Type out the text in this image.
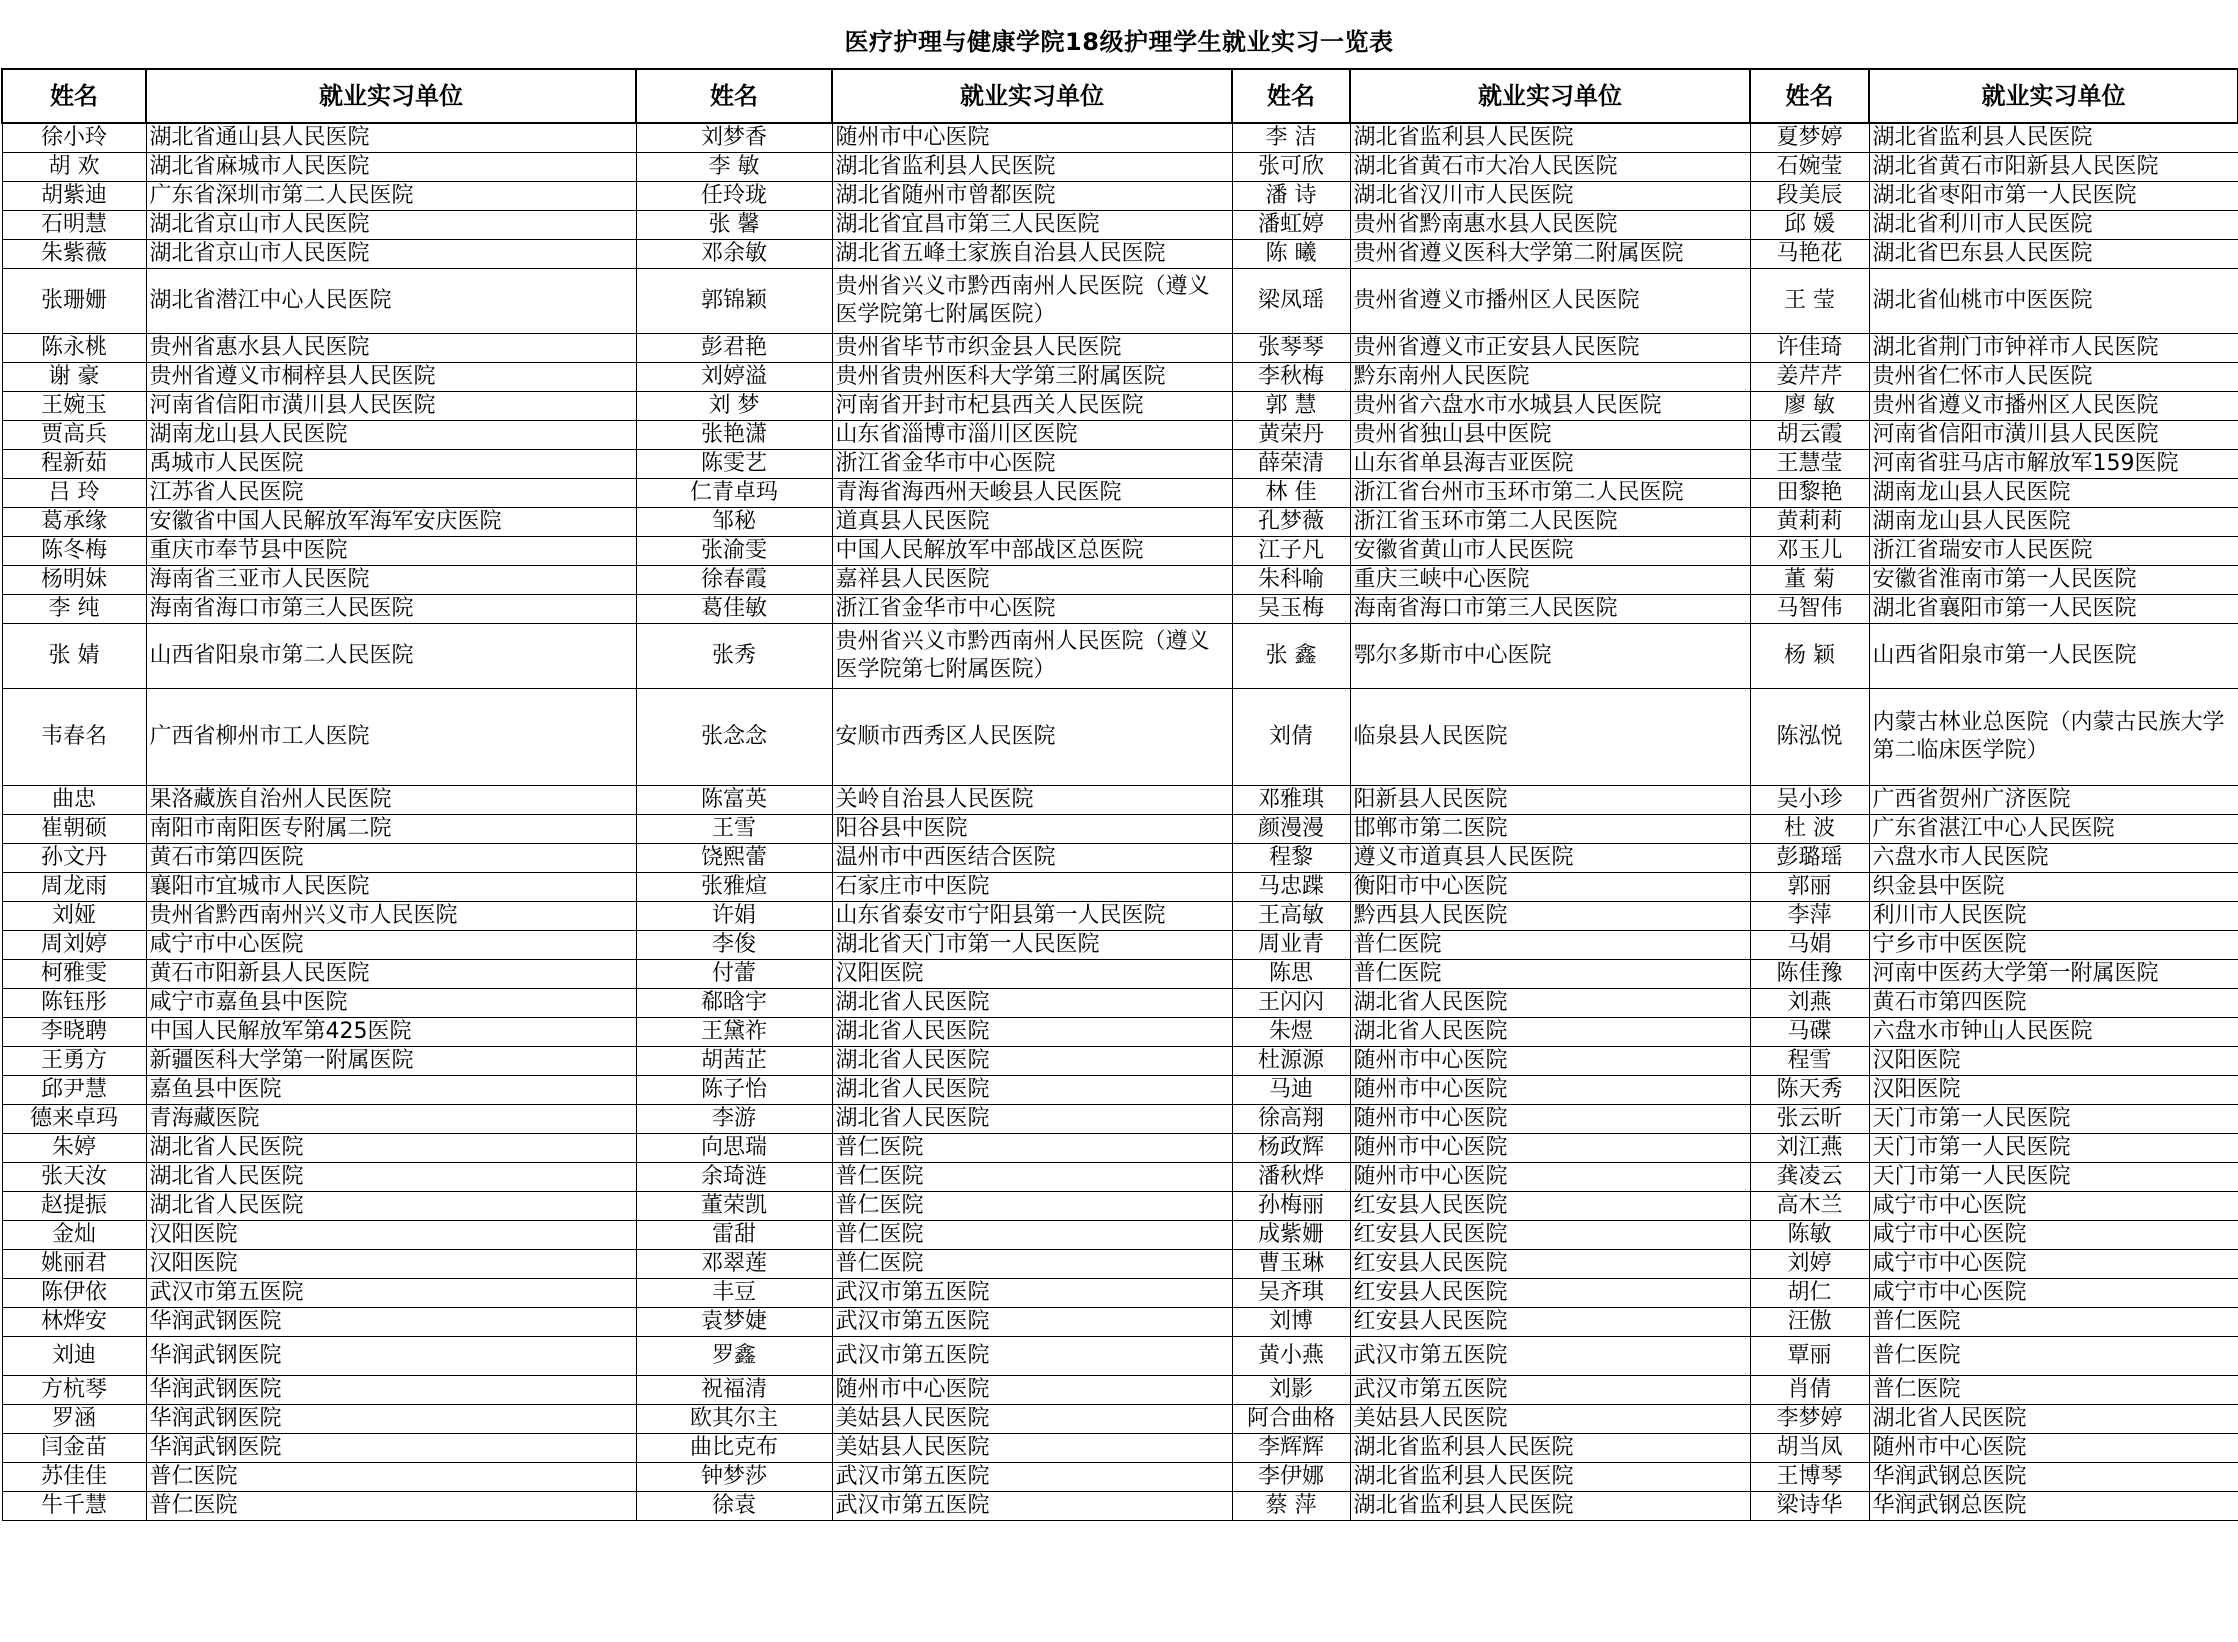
医疗护理与健康学院18级护理学生就业实习一览表
姓名	就业实习单位	姓名	就业实习单位	姓名	就业实习单位	姓名	就业实习单位
徐小玲	湖北省通山县人民医院	刘梦香	随州市中心医院	李 洁	湖北省监利县人民医院	夏梦婷	湖北省监利县人民医院
胡 欢	湖北省麻城市人民医院	李 敏	湖北省监利县人民医院	张可欣	湖北省黄石市大冶人民医院	石婉莹	湖北省黄石市阳新县人民医院
胡紫迪	广东省深圳市第二人民医院	任玲珑	湖北省随州市曾都医院	潘 诗	湖北省汉川市人民医院	段美辰	湖北省枣阳市第一人民医院
石明慧	湖北省京山市人民医院	张 馨	湖北省宜昌市第三人民医院	潘虹婷	贵州省黔南惠水县人民医院	邱 媛	湖北省利川市人民医院
朱紫薇	湖北省京山市人民医院	邓余敏	湖北省五峰土家族自治县人民医院	陈 曦	贵州省遵义医科大学第二附属医院	马艳花	湖北省巴东县人民医院
张珊姗	湖北省潜江中心人民医院	郭锦颖	贵州省兴义市黔西南州人民医院（遵义医学院第七附属医院）	梁凤瑶	贵州省遵义市播州区人民医院	王 莹	湖北省仙桃市中医医院
陈永桃	贵州省惠水县人民医院	彭君艳	贵州省毕节市织金县人民医院	张琴琴	贵州省遵义市正安县人民医院	许佳琦	湖北省荆门市钟祥市人民医院
谢 豪	贵州省遵义市桐梓县人民医院	刘婷溢	贵州省贵州医科大学第三附属医院	李秋梅	黔东南州人民医院	姜芹芹	贵州省仁怀市人民医院
王婉玉	河南省信阳市潢川县人民医院	刘 梦	河南省开封市杞县西关人民医院	郭 慧	贵州省六盘水市水城县人民医院	廖 敏	贵州省遵义市播州区人民医院
贾高兵	湖南龙山县人民医院	张艳潇	山东省淄博市淄川区医院	黄荣丹	贵州省独山县中医院	胡云霞	河南省信阳市潢川县人民医院
程新茹	禹城市人民医院	陈雯艺	浙江省金华市中心医院	薛荣清	山东省单县海吉亚医院	王慧莹	河南省驻马店市解放军159医院
吕 玲	江苏省人民医院	仁青卓玛	青海省海西州天峻县人民医院	林 佳	浙江省台州市玉环市第二人民医院	田黎艳	湖南龙山县人民医院
葛承缘	安徽省中国人民解放军海军安庆医院	邹秘	道真县人民医院	孔梦薇	浙江省玉环市第二人民医院	黄莉莉	湖南龙山县人民医院
陈冬梅	重庆市奉节县中医院	张渝雯	中国人民解放军中部战区总医院	江子凡	安徽省黄山市人民医院	邓玉儿	浙江省瑞安市人民医院
杨明妹	海南省三亚市人民医院	徐春霞	嘉祥县人民医院	朱科喻	重庆三峡中心医院	董 菊	安徽省淮南市第一人民医院
李 纯	海南省海口市第三人民医院	葛佳敏	浙江省金华市中心医院	吴玉梅	海南省海口市第三人民医院	马智伟	湖北省襄阳市第一人民医院
张 婧	山西省阳泉市第二人民医院	张秀	贵州省兴义市黔西南州人民医院（遵义医学院第七附属医院）	张 鑫	鄂尔多斯市中心医院	杨 颖	山西省阳泉市第一人民医院
韦春名	广西省柳州市工人医院	张念念	安顺市西秀区人民医院	刘倩	临泉县人民医院	陈泓悦	内蒙古林业总医院（内蒙古民族大学第二临床医学院）
曲忠	果洛藏族自治州人民医院	陈富英	关岭自治县人民医院	邓雅琪	阳新县人民医院	吴小珍	广西省贺州广济医院
崔朝硕	南阳市南阳医专附属二院	王雪	阳谷县中医院	颜漫漫	邯郸市第二医院	杜 波	广东省湛江中心人民医院
孙文丹	黄石市第四医院	饶熙蕾	温州市中西医结合医院	程黎	遵义市道真县人民医院	彭璐瑶	六盘水市人民医院
周龙雨	襄阳市宜城市人民医院	张雅煊	石家庄市中医院	马忠蹀	衡阳市中心医院	郭丽	织金县中医院
刘娅	贵州省黔西南州兴义市人民医院	许娟	山东省泰安市宁阳县第一人民医院	王高敏	黔西县人民医院	李萍	利川市人民医院
周刘婷	咸宁市中心医院	李俊	湖北省天门市第一人民医院	周业青	普仁医院	马娟	宁乡市中医医院
柯雅雯	黄石市阳新县人民医院	付蕾	汉阳医院	陈思	普仁医院	陈佳豫	河南中医药大学第一附属医院
陈钰彤	咸宁市嘉鱼县中医院	郗晗宇	湖北省人民医院	王闪闪	湖北省人民医院	刘燕	黄石市第四医院
李晓聘	中国人民解放军第425医院	王黛祚	湖北省人民医院	朱煜	湖北省人民医院	马碟	六盘水市钟山人民医院
王勇方	新疆医科大学第一附属医院	胡茜芷	湖北省人民医院	杜源源	随州市中心医院	程雪	汉阳医院
邱尹慧	嘉鱼县中医院	陈子怡	湖北省人民医院	马迪	随州市中心医院	陈天秀	汉阳医院
德来卓玛	青海藏医院	李游	湖北省人民医院	徐高翔	随州市中心医院	张云昕	天门市第一人民医院
朱婷	湖北省人民医院	向思瑞	普仁医院	杨政辉	随州市中心医院	刘江燕	天门市第一人民医院
张天汝	湖北省人民医院	余琦涟	普仁医院	潘秋烨	随州市中心医院	龚凌云	天门市第一人民医院
赵提振	湖北省人民医院	董荣凯	普仁医院	孙梅丽	红安县人民医院	高木兰	咸宁市中心医院
金灿	汉阳医院	雷甜	普仁医院	成紫姗	红安县人民医院	陈敏	咸宁市中心医院
姚丽君	汉阳医院	邓翠莲	普仁医院	曹玉琳	红安县人民医院	刘婷	咸宁市中心医院
陈伊依	武汉市第五医院	丰豆	武汉市第五医院	吴齐琪	红安县人民医院	胡仁	咸宁市中心医院
林烨安	华润武钢医院	袁梦婕	武汉市第五医院	刘博	红安县人民医院	汪傲	普仁医院
刘迪	华润武钢医院	罗鑫	武汉市第五医院	黄小燕	武汉市第五医院	覃丽	普仁医院
方杭琴	华润武钢医院	祝福清	随州市中心医院	刘影	武汉市第五医院	肖倩	普仁医院
罗涵	华润武钢医院	欧其尔主	美姑县人民医院	阿合曲格	美姑县人民医院	李梦婷	湖北省人民医院
闫金苗	华润武钢医院	曲比克布	美姑县人民医院	李辉辉	湖北省监利县人民医院	胡当凤	随州市中心医院
苏佳佳	普仁医院	钟梦莎	武汉市第五医院	李伊娜	湖北省监利县人民医院	王博琴	华润武钢总医院
牛千慧	普仁医院	徐袁	武汉市第五医院	蔡 萍	湖北省监利县人民医院	梁诗华	华润武钢总医院
